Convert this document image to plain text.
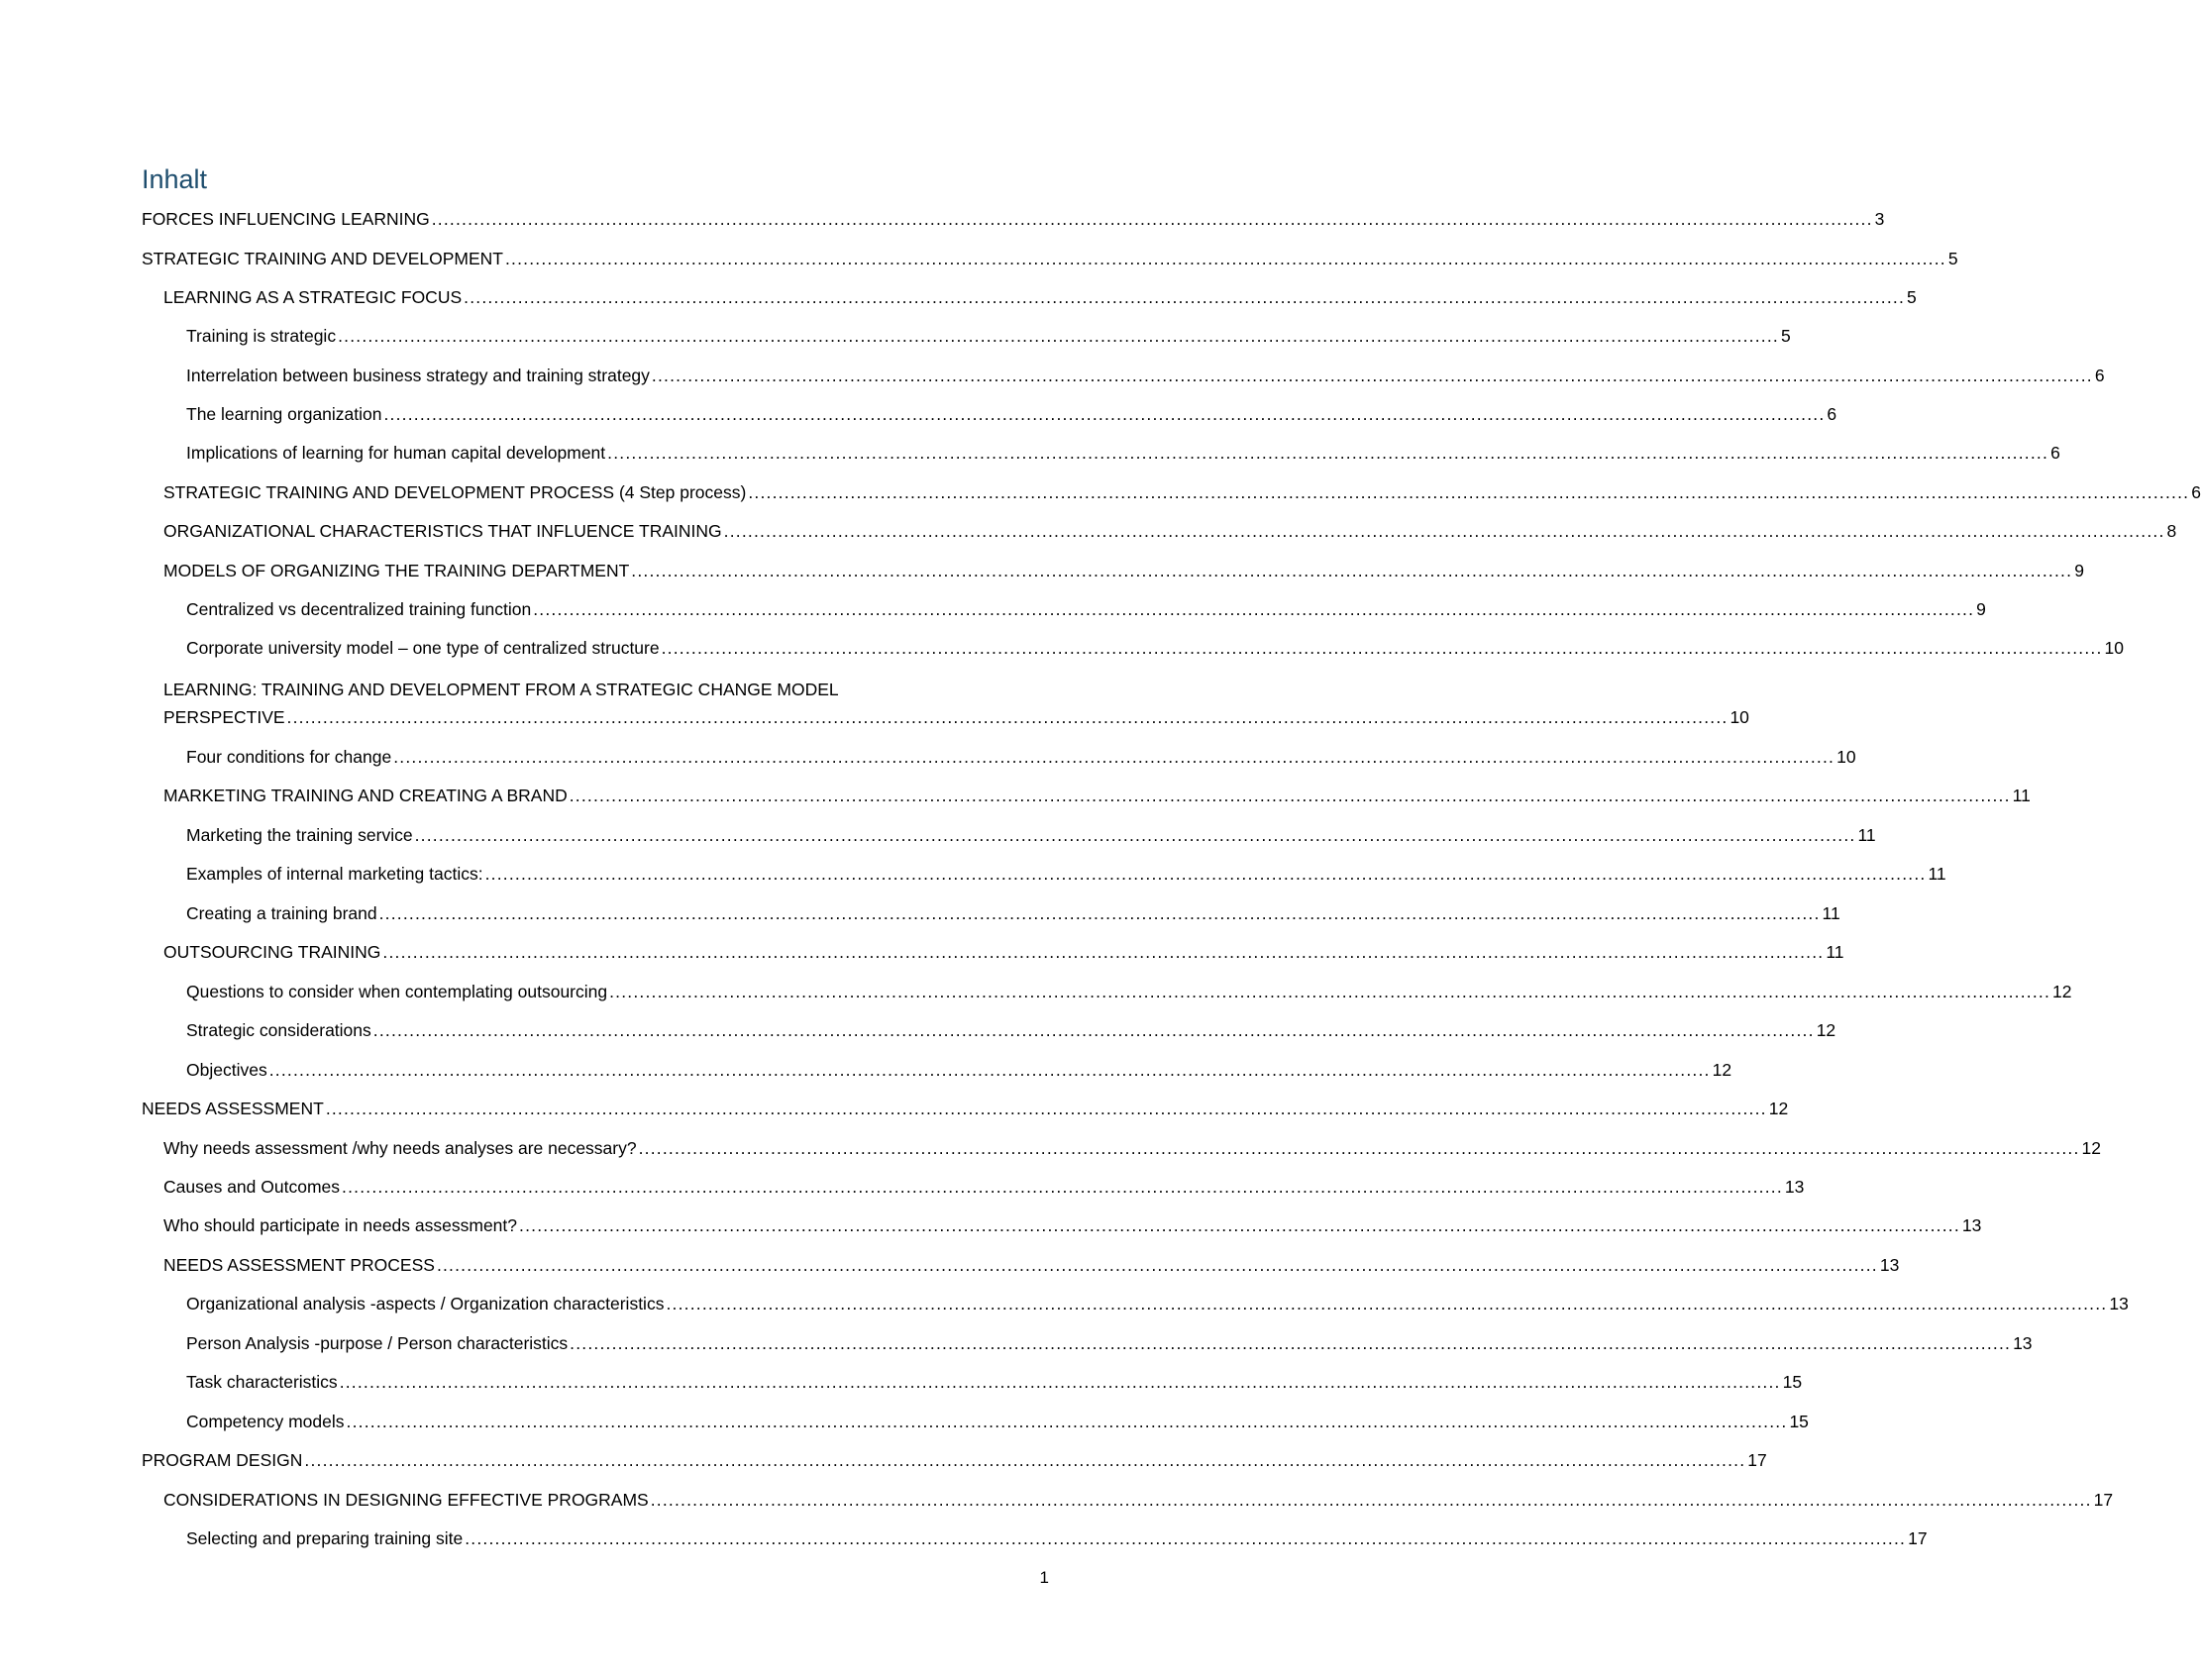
Inhalt
FORCES INFLUENCING LEARNING .....	3
STRATEGIC TRAINING AND DEVELOPMENT .....	5
LEARNING AS A STRATEGIC FOCUS .....	5
Training is strategic .....	5
Interrelation between business strategy and training strategy .....	6
The learning organization .....	6
Implications of learning for human capital development .....	6
STRATEGIC TRAINING AND DEVELOPMENT PROCESS (4 Step process) .....	6
ORGANIZATIONAL CHARACTERISTICS THAT INFLUENCE TRAINING .....	8
MODELS OF ORGANIZING THE TRAINING DEPARTMENT .....	9
Centralized vs decentralized training function .....	9
Corporate university model – one type of centralized structure .....	10
LEARNING: TRAINING AND DEVELOPMENT FROM A STRATEGIC CHANGE MODEL
PERSPECTIVE .....	10
Four conditions for change .....	10
MARKETING TRAINING AND CREATING A BRAND .....	11
Marketing the training service .....	11
Examples of internal marketing tactics: .....	11
Creating a training brand .....	11
OUTSOURCING TRAINING .....	11
Questions to consider when contemplating outsourcing .....	12
Strategic considerations .....	12
Objectives .....	12
NEEDS ASSESSMENT .....	12
Why needs assessment /why needs analyses are necessary? .....	12
Causes and Outcomes .....	13
Who should participate in needs assessment? .....	13
NEEDS ASSESSMENT PROCESS .....	13
Organizational analysis -aspects / Organization characteristics .....	13
Person Analysis -purpose / Person characteristics .....	13
Task characteristics .....	15
Competency models .....	15
PROGRAM DESIGN .....	17
CONSIDERATIONS IN DESIGNING EFFECTIVE PROGRAMS .....	17
Selecting and preparing training site .....	17
1
